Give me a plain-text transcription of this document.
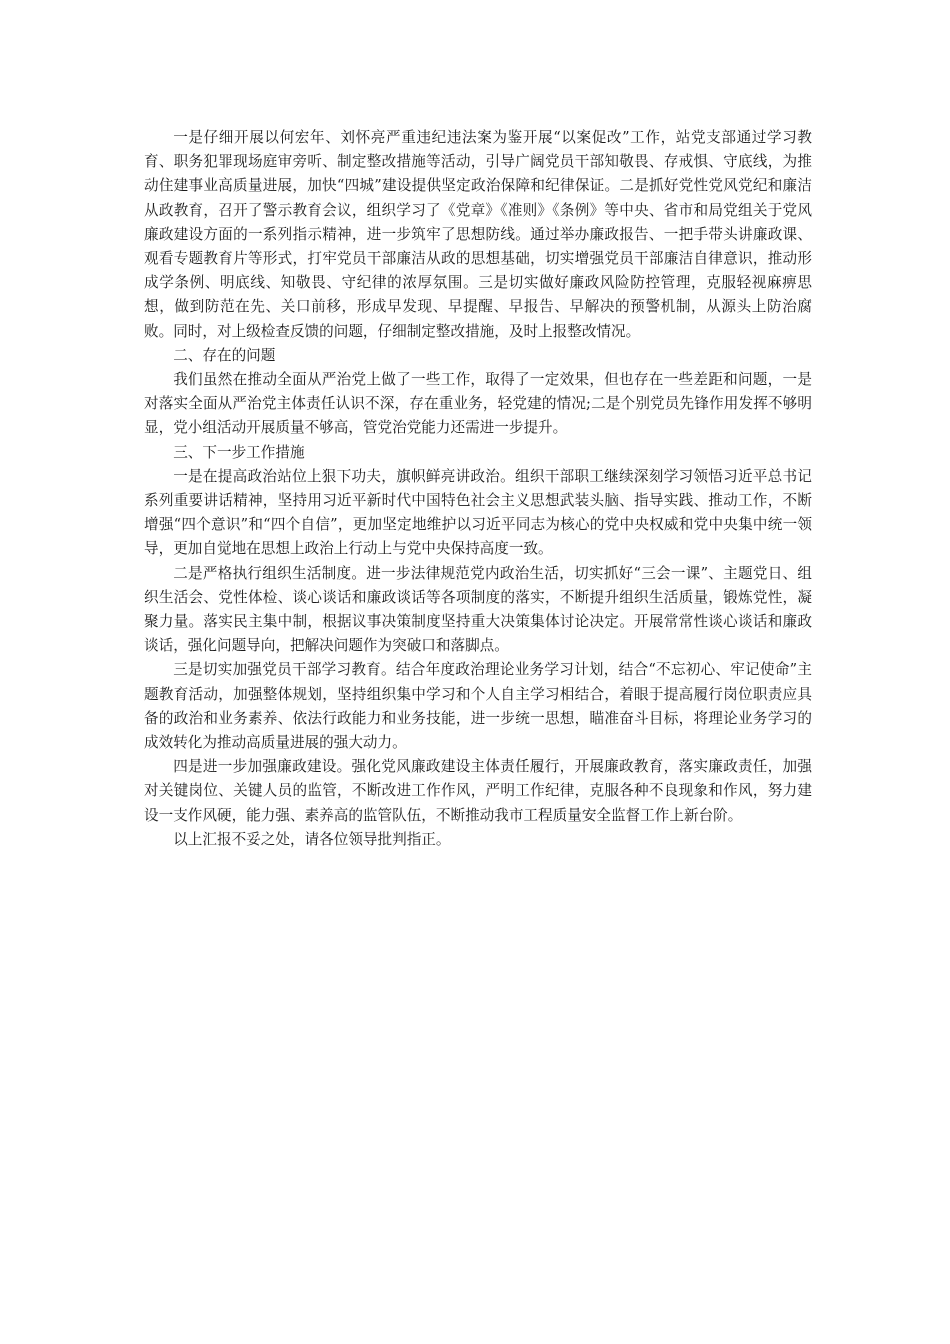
一是仔细开展以何宏年、刘怀亮严重违纪违法案为鉴开展“以案促改”工作，站党支部通过学习教育、职务犯罪现场庭审旁听、制定整改措施等活动，引导广阔党员干部知敬畏、存戒惧、守底线，为推动住建事业高质量进展，加快“四城”建设提供坚定政治保障和纪律保证。二是抓好党性党风党纪和廉洁从政教育，召开了警示教育会议，组织学习了《党章》《准则》《条例》等中央、省市和局党组关于党风廉政建设方面的一系列指示精神，进一步筑牢了思想防线。通过举办廉政报告、一把手带头讲廉政课、观看专题教育片等形式，打牢党员干部廉洁从政的思想基础，切实增强党员干部廉洁自律意识，推动形成学条例、明底线、知敬畏、守纪律的浓厚氛围。三是切实做好廉政风险防控管理，克服轻视麻痹思想，做到防范在先、关口前移，形成早发现、早提醒、早报告、早解决的预警机制，从源头上防治腐败。同时，对上级检查反馈的问题，仔细制定整改措施，及时上报整改情况。

二、存在的问题

我们虽然在推动全面从严治党上做了一些工作，取得了一定效果，但也存在一些差距和问题，一是对落实全面从严治党主体责任认识不深，存在重业务，轻党建的情况;二是个别党员先锋作用发挥不够明显，党小组活动开展质量不够高，管党治党能力还需进一步提升。

三、下一步工作措施

一是在提高政治站位上狠下功夫，旗帜鲜亮讲政治。组织干部职工继续深刻学习领悟习近平总书记系列重要讲话精神，坚持用习近平新时代中国特色社会主义思想武装头脑、指导实践、推动工作，不断增强“四个意识”和“四个自信”，更加坚定地维护以习近平同志为核心的党中央权威和党中央集中统一领导，更加自觉地在思想上政治上行动上与党中央保持高度一致。

二是严格执行组织生活制度。进一步法律规范党内政治生活，切实抓好“三会一课”、主题党日、组织生活会、党性体检、谈心谈话和廉政谈话等各项制度的落实，不断提升组织生活质量，锻炼党性，凝聚力量。落实民主集中制，根据议事决策制度坚持重大决策集体讨论决定。开展常常性谈心谈话和廉政谈话，强化问题导向，把解决问题作为突破口和落脚点。

三是切实加强党员干部学习教育。结合年度政治理论业务学习计划，结合“不忘初心、牢记使命”主题教育活动，加强整体规划，坚持组织集中学习和个人自主学习相结合，着眼于提高履行岗位职责应具备的政治和业务素养、依法行政能力和业务技能，进一步统一思想，瞄准奋斗目标，将理论业务学习的成效转化为推动高质量进展的强大动力。

四是进一步加强廉政建设。强化党风廉政建设主体责任履行，开展廉政教育，落实廉政责任，加强对关键岗位、关键人员的监管，不断改进工作作风，严明工作纪律，克服各种不良现象和作风，努力建设一支作风硬，能力强、素养高的监管队伍，不断推动我市工程质量安全监督工作上新台阶。

以上汇报不妥之处，请各位领导批判指正。
